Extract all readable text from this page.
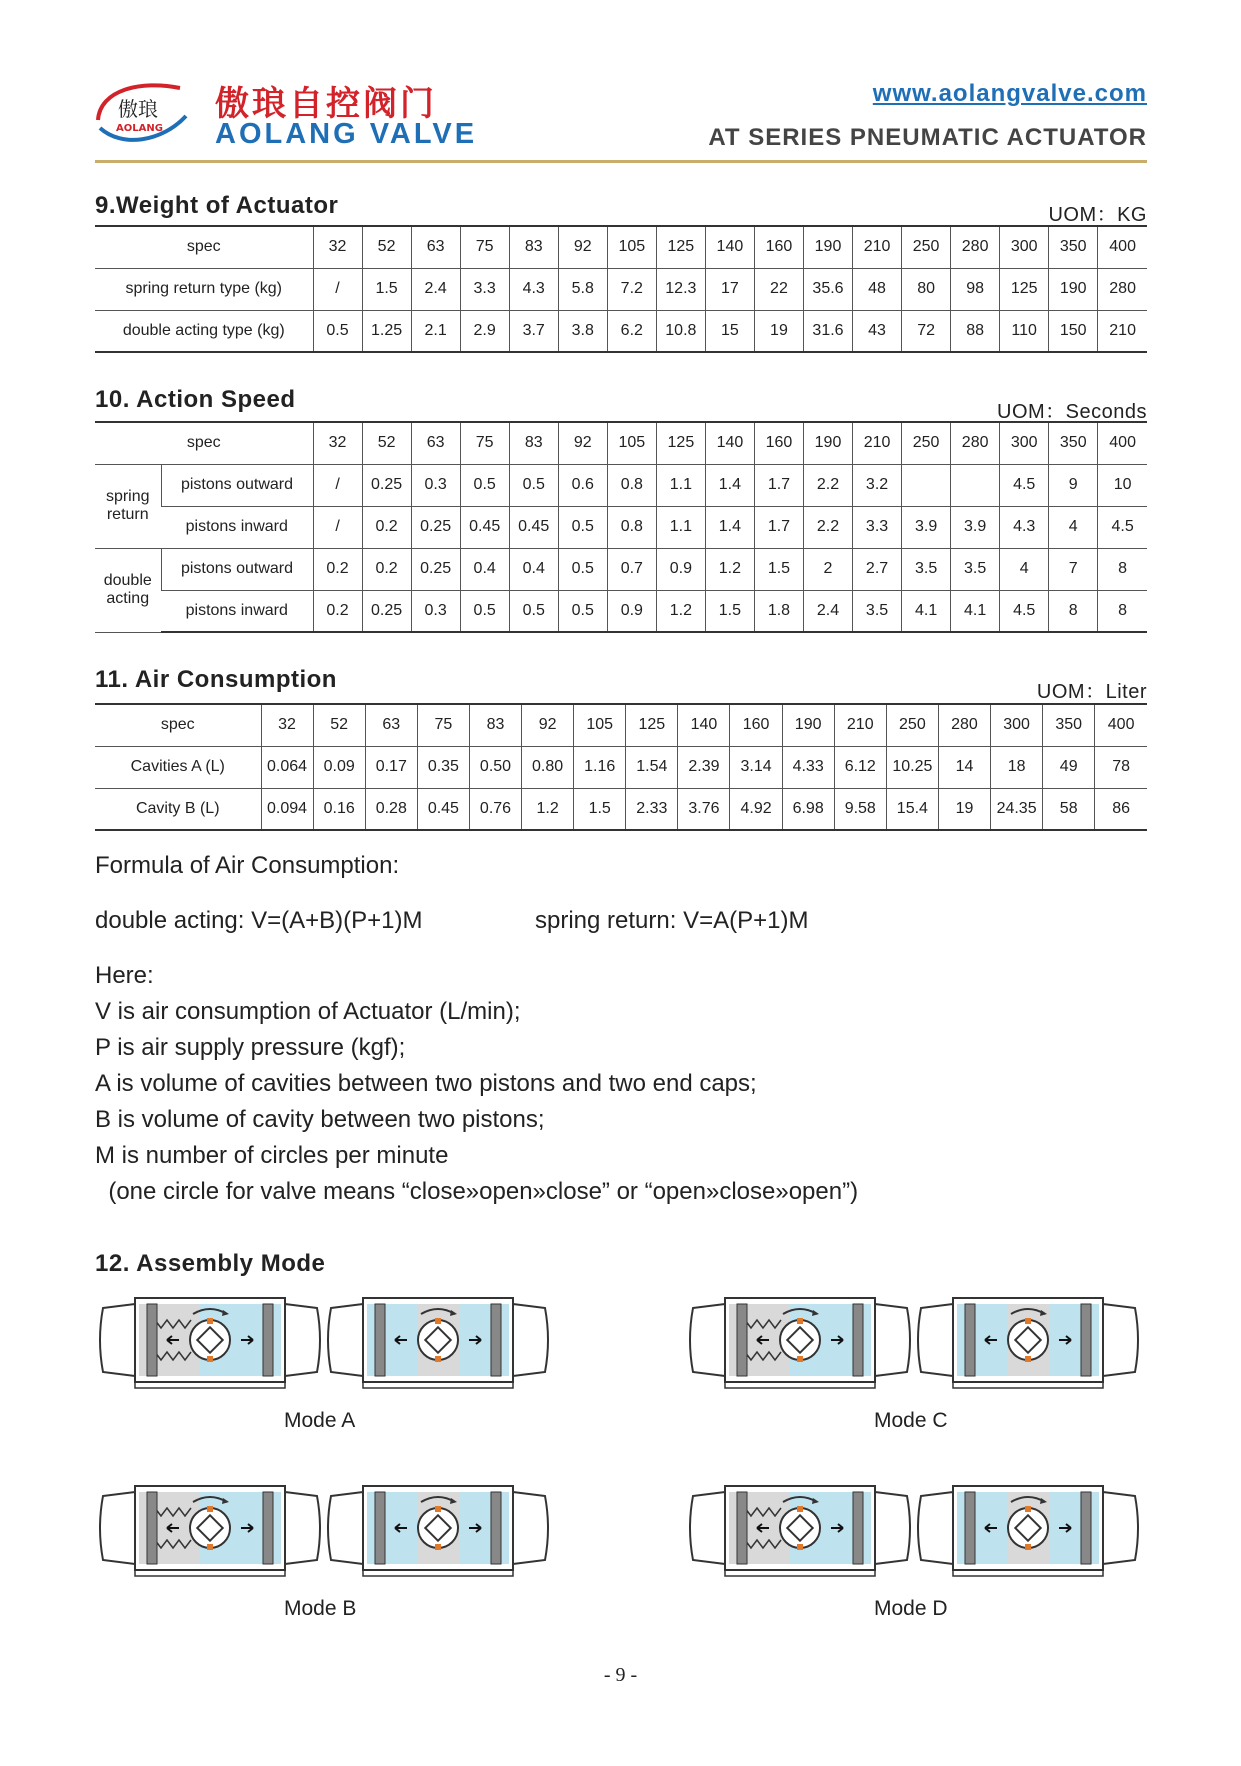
傲琅
AOLANG
傲琅自控阀门
AOLANG VALVE
www.aolangvalve.com
AT SERIES PNEUMATIC ACTUATOR
9.Weight of Actuator	UOM：KG
spec	32	52	63	75	83	92	105	125	140	160	190	210	250	280	300	350	400
spring return type (kg)	/	1.5	2.4	3.3	4.3	5.8	7.2	12.3	17	22	35.6	48	80	98	125	190	280
double acting type (kg)	0.5	1.25	2.1	2.9	3.7	3.8	6.2	10.8	15	19	31.6	43	72	88	110	150	210
10. Action Speed	UOM：Seconds
spec		32	52	63	75	83	92	105	125	140	160	190	210	250	280	300	350	400
spring return	pistons outward	/	0.25	0.3	0.5	0.5	0.6	0.8	1.1	1.4	1.7	2.2	3.2			4.5	9	10
	pistons inward	/	0.2	0.25	0.45	0.45	0.5	0.8	1.1	1.4	1.7	2.2	3.3	3.9	3.9	4.3	4	4.5
double acting	pistons outward	0.2	0.2	0.25	0.4	0.4	0.5	0.7	0.9	1.2	1.5	2	2.7	3.5	3.5	4	7	8
	pistons inward	0.2	0.25	0.3	0.5	0.5	0.5	0.9	1.2	1.5	1.8	2.4	3.5	4.1	4.1	4.5	8	8
11. Air Consumption	UOM：Liter
spec	32	52	63	75	83	92	105	125	140	160	190	210	250	280	300	350	400
Cavities A (L)	0.064	0.09	0.17	0.35	0.50	0.80	1.16	1.54	2.39	3.14	4.33	6.12	10.25	14	18	49	78
Cavity B (L)	0.094	0.16	0.28	0.45	0.76	1.2	1.5	2.33	3.76	4.92	6.98	9.58	15.4	19	24.35	58	86
Formula of Air Consumption:
double acting: V=(A+B)(P+1)M	spring return: V=A(P+1)M
Here:
V is air consumption of Actuator (L/min);
P is air supply pressure (kgf);
A is volume of cavities between two pistons and two end caps;
B is volume of cavity between two pistons;
M is number of circles per minute
(one circle for valve means “close»open»close” or “open»close»open”)
12. Assembly Mode
Mode A	Mode C
Mode B	Mode D
- 9 -
